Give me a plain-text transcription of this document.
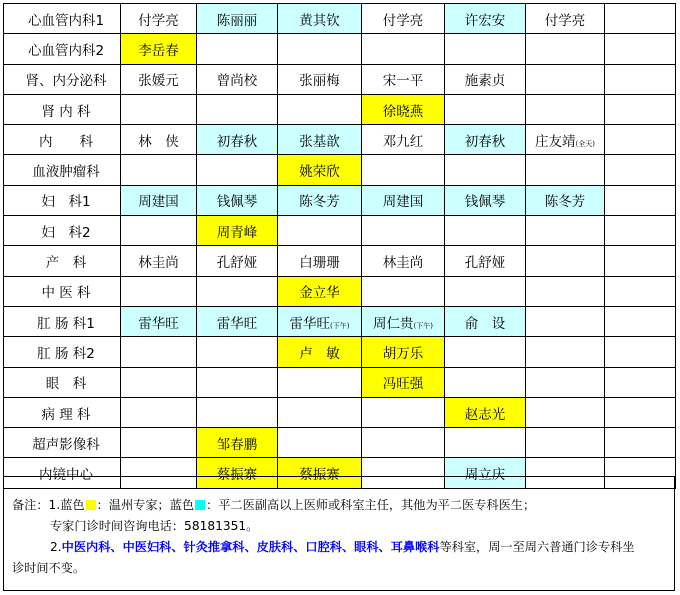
心血管内科1	付学亮	陈丽丽	黄其钦	付学亮	许宏安	付学亮	
心血管内科2	李岳春						
肾、内分泌科	张媛元	曾尚校	张丽梅	宋一平	施素贞		
肾 内 科				徐晓燕			
内　　科	林　侠	初春秋	张基歆	邓九红	初春秋	庄友靖(全天)	
血液肿瘤科			姚荣欣				
妇　科1	周建国	钱佩琴	陈冬芳	周建国	钱佩琴	陈冬芳	
妇　科2		周青峰					
产　科	林圭尚	孔舒娅	白珊珊	林圭尚	孔舒娅		
中 医 科			金立华				
肛 肠 科1	雷华旺	雷华旺	雷华旺(下午)	周仁贵(下午)	俞　设		
肛 肠 科2			卢　敏	胡万乐			
眼　科				冯旺强			
病 理 科					赵志光		
超声影像科		邹春鹏					
内镜中心		蔡振寨	蔡振寨		周立庆		
备注：1.蓝色 ：温州专家；蓝色 ：平二医副高以上医师或科室主任，其他为平二医专科医生；
专家门诊时间咨询电话：58181351。
2.中医内科、中医妇科、针灸推拿科、皮肤科、口腔科、眼科、耳鼻喉科等科室，周一至周六普通门诊专科坐
诊时间不变。
